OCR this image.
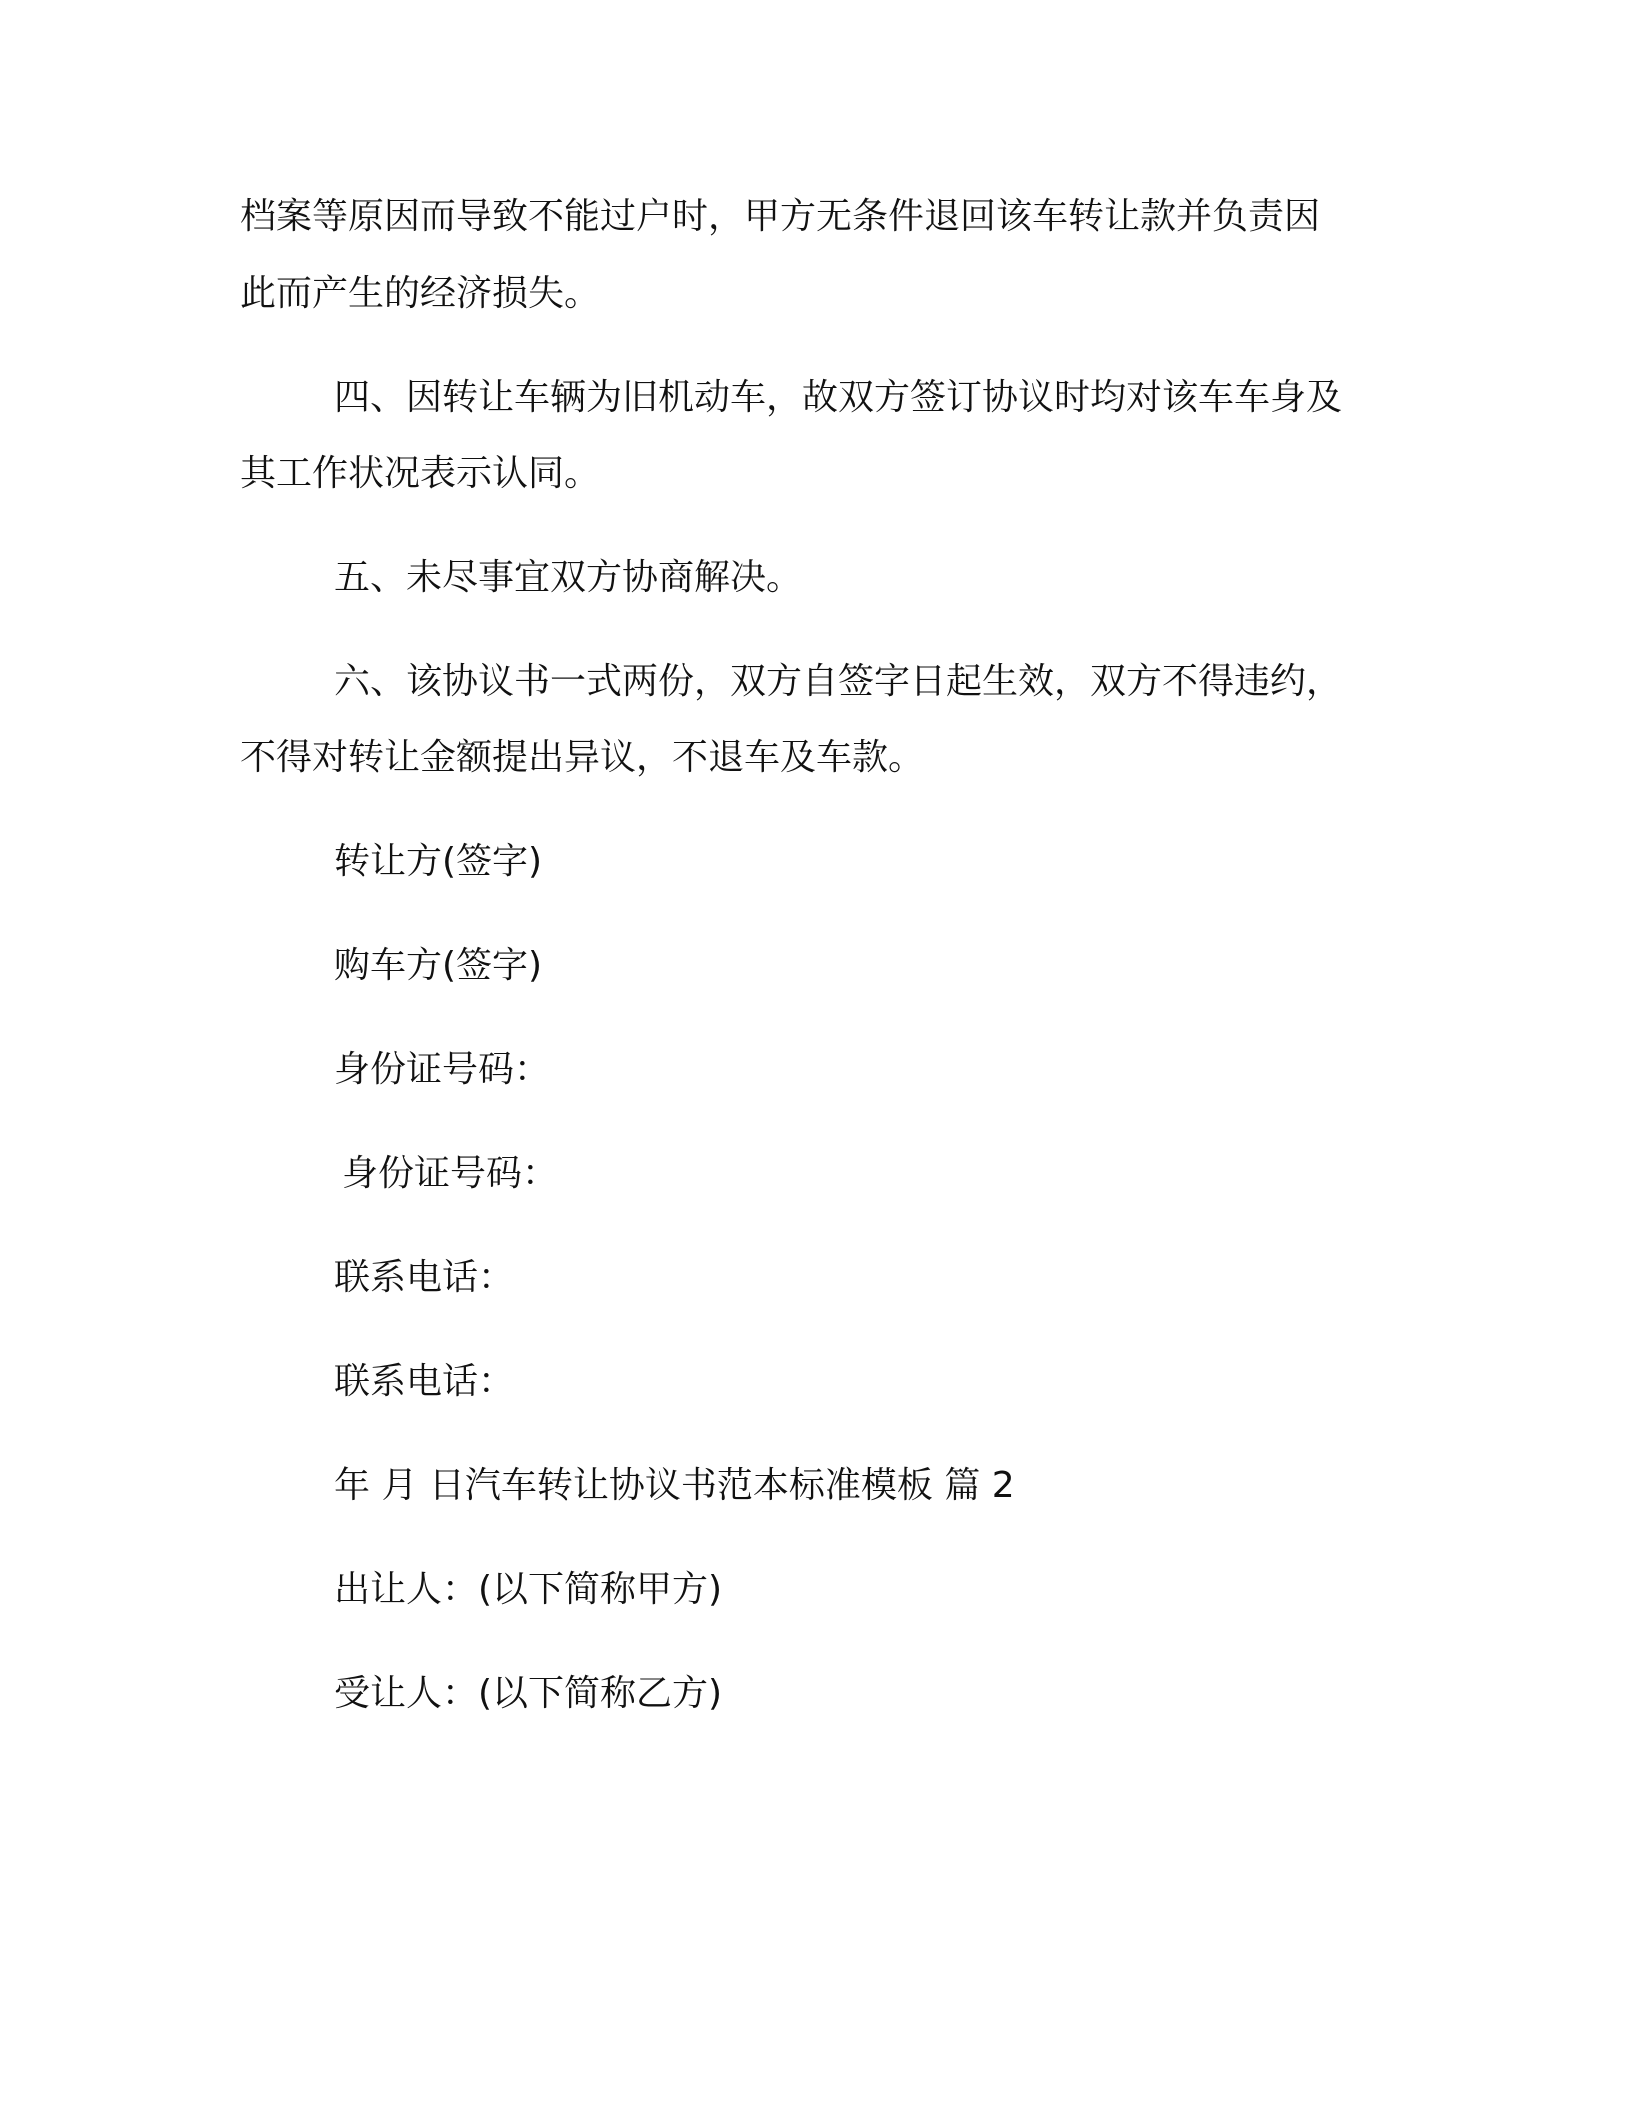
档案等原因而导致不能过户时，甲方无条件退回该车转让款并负责因
此而产生的经济损失。
四、因转让车辆为旧机动车，故双方签订协议时均对该车车身及
其工作状况表示认同。
五、未尽事宜双方协商解决。
六、该协议书一式两份，双方自签字日起生效，双方不得违约，
不得对转让金额提出异议，不退车及车款。
转让方(签字)
购车方(签字)
身份证号码：
身份证号码：
联系电话：
联系电话：
年 月 日汽车转让协议书范本标准模板 篇 2
出让人：(以下简称甲方)
受让人：(以下简称乙方)
